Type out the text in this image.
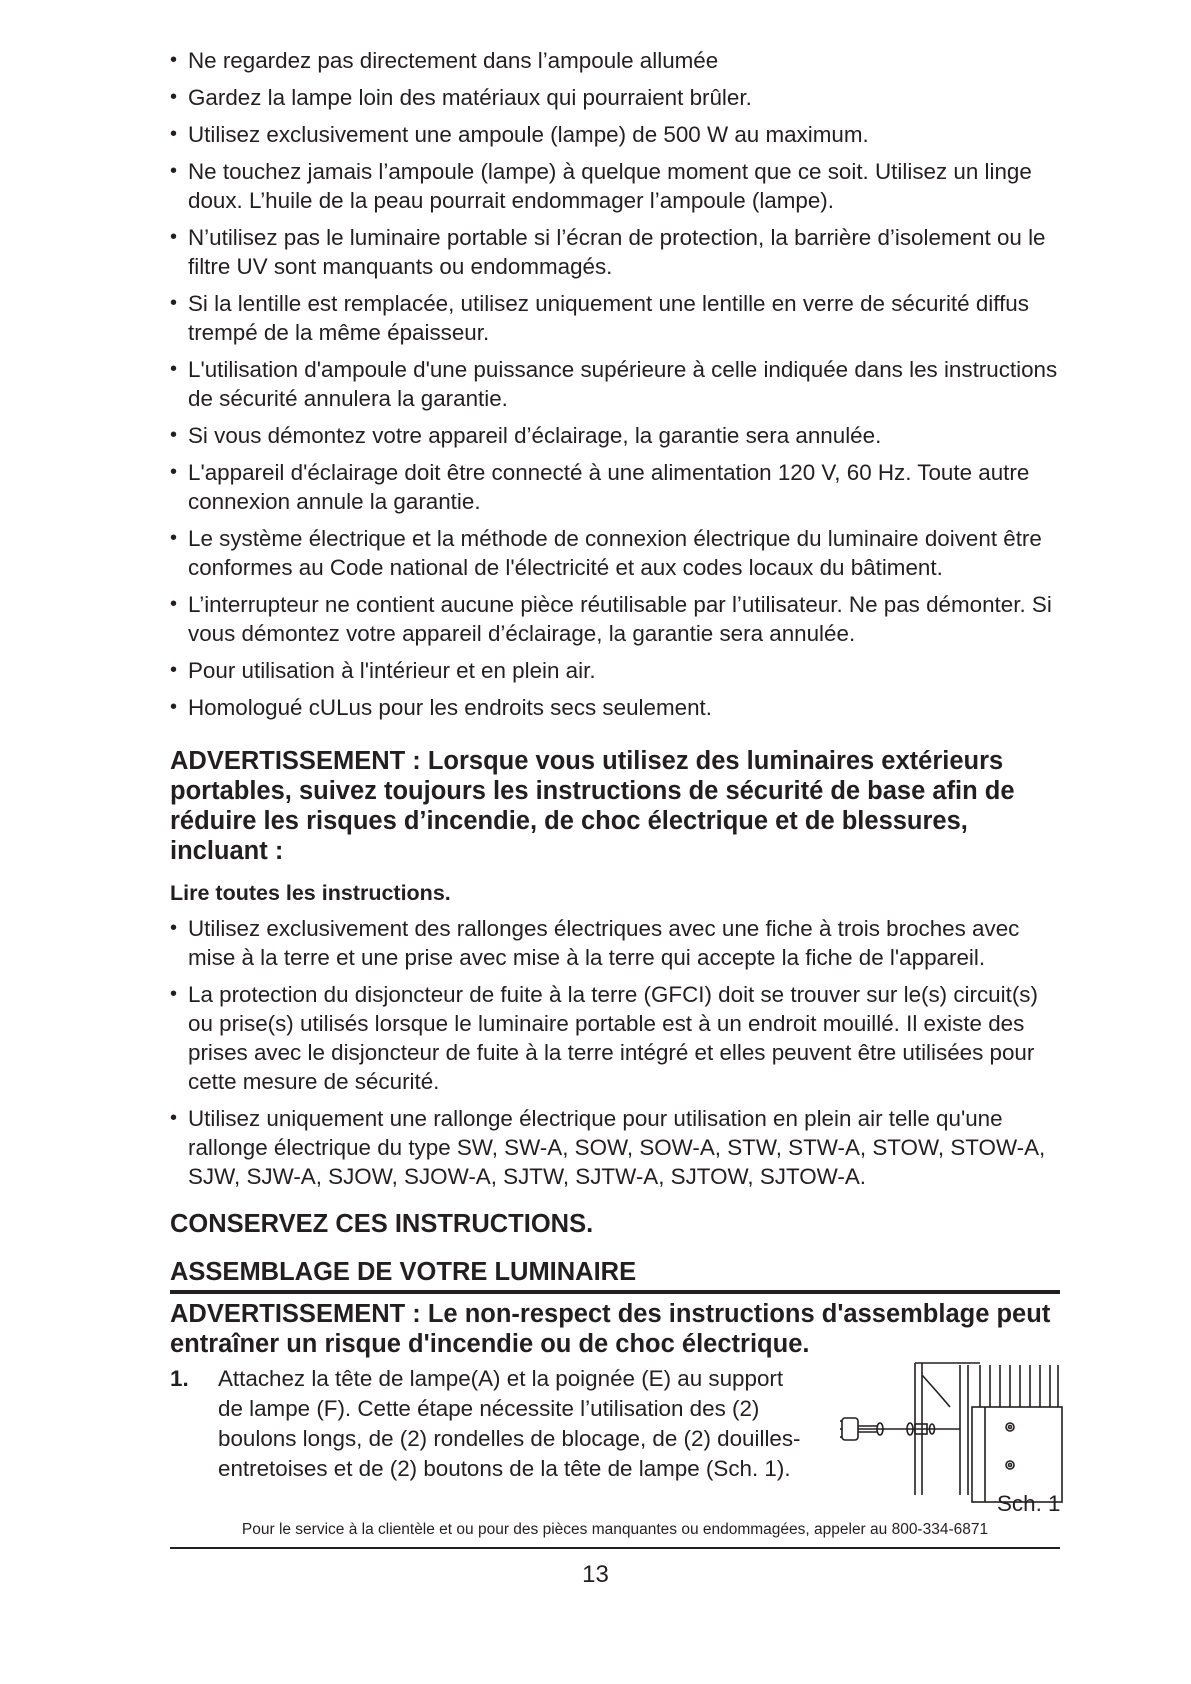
• Ne regardez pas directement dans l’ampoule allumée
• Gardez la lampe loin des matériaux qui pourraient brûler.
• Utilisez exclusivement une ampoule (lampe) de 500 W au maximum.
• Ne touchez jamais l’ampoule (lampe) à quelque moment que ce soit. Utilisez un linge doux. L’huile de la peau pourrait endommager l’ampoule (lampe).
• N’utilisez pas le luminaire portable si l’écran de protection, la barrière d’isolement ou le filtre UV sont manquants ou endommagés.
• Si la lentille est remplacée, utilisez uniquement une lentille en verre de sécurité diffus trempé de la même épaisseur.
• L'utilisation d'ampoule d'une puissance supérieure à celle indiquée dans les instructions de sécurité annulera la garantie.
• Si vous démontez votre appareil d’éclairage, la garantie sera annulée.
• L'appareil d'éclairage doit être connecté à une alimentation 120 V, 60 Hz. Toute autre connexion annule la garantie.
• Le système électrique et la méthode de connexion électrique du luminaire doivent être conformes au Code national de l'électricité et aux codes locaux du bâtiment.
• L’interrupteur ne contient aucune pièce réutilisable par l’utilisateur. Ne pas démonter. Si vous démontez votre appareil d’éclairage, la garantie sera annulée.
• Pour utilisation à l'intérieur et en plein air.
• Homologué cULus pour les endroits secs seulement.
ADVERTISSEMENT : Lorsque vous utilisez des luminaires extérieurs portables, suivez toujours les instructions de sécurité de base afin de réduire les risques d’incendie, de choc électrique et de blessures, incluant :
Lire toutes les instructions.
• Utilisez exclusivement des rallonges électriques avec une fiche à trois broches avec mise à la terre et une prise avec mise à la terre qui accepte la fiche de l'appareil.
• La protection du disjoncteur de fuite à la terre (GFCI) doit se trouver sur le(s) circuit(s) ou prise(s) utilisés lorsque le luminaire portable est à un endroit mouillé. Il existe des prises avec le disjoncteur de fuite à la terre intégré et elles peuvent être utilisées pour cette mesure de sécurité.
• Utilisez uniquement une rallonge électrique pour utilisation en plein air telle qu'une rallonge électrique du type SW, SW-A, SOW, SOW-A, STW, STW-A, STOW, STOW-A, SJW, SJW-A, SJOW, SJOW-A, SJTW, SJTW-A, SJTOW, SJTOW-A.
CONSERVEZ CES INSTRUCTIONS.
ASSEMBLAGE DE VOTRE LUMINAIRE
ADVERTISSEMENT : Le non-respect des instructions d'assemblage peut entraîner un risque d'incendie ou de choc électrique.
1. Attachez la tête de lampe(A) et la poignée (E) au support de lampe (F). Cette étape nécessite l’utilisation des (2) boulons longs, de (2) rondelles de blocage, de (2) douilles-entretoises et de (2) boutons de la tête de lampe (Sch. 1).
Sch. 1
Pour le service à la clientèle et ou pour des pièces manquantes ou endommagées, appeler au 800-334-6871
13
